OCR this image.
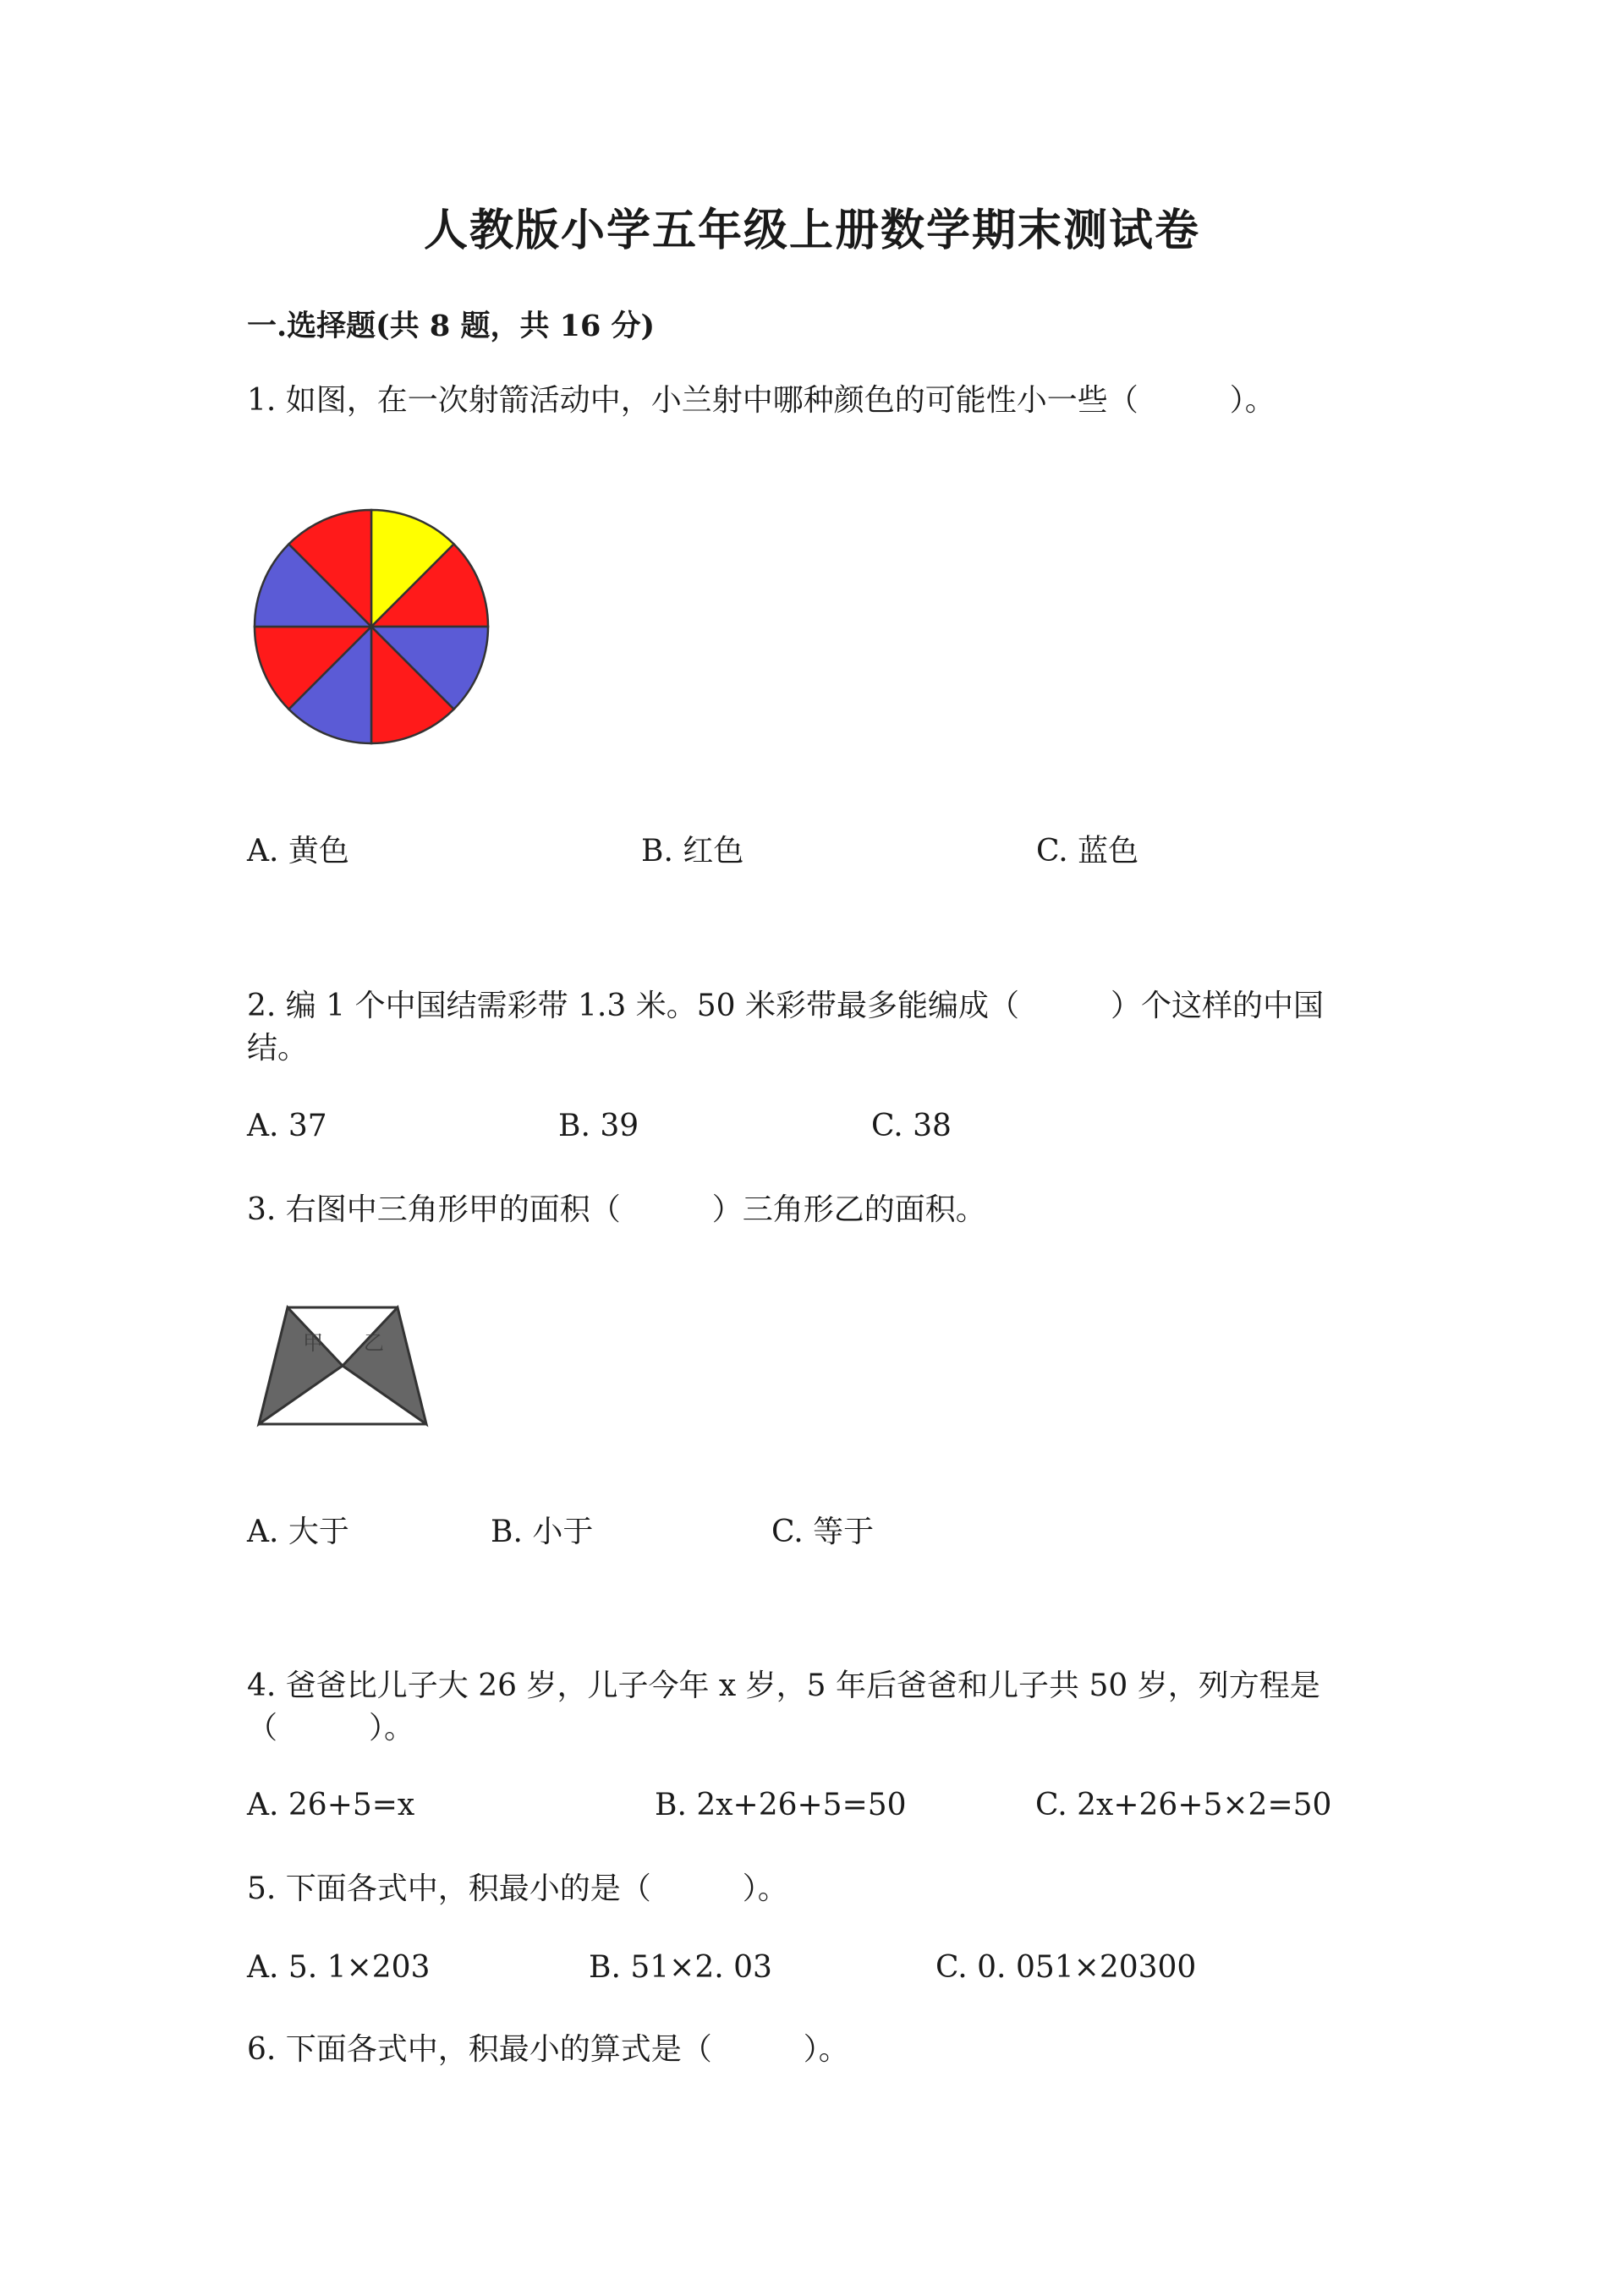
人教版小学五年级上册数学期末测试卷
一.选择题(共 8 题，共 16 分)
1. 如图，在一次射箭活动中，小兰射中哪种颜色的可能性小一些（　　　）。
A. 黄色	B. 红色	C. 蓝色
2. 编 1 个中国结需彩带 1.3 米。50 米彩带最多能编成（　　　）个这样的中国
结。
A. 37	B. 39	C. 38
3. 右图中三角形甲的面积（　　　）三角形乙的面积。
甲 乙
A. 大于	B. 小于	C. 等于
4. 爸爸比儿子大 26 岁，儿子今年 x 岁，5 年后爸爸和儿子共 50 岁，列方程是
（　　　）。
A. 26+5=x	B. 2x+26+5=50	C. 2x+26+5×2=50
5. 下面各式中，积最小的是（　　　）。
A. 5. 1×203	B. 51×2. 03	C. 0. 051×20300
6. 下面各式中，积最小的算式是（　　　）。
